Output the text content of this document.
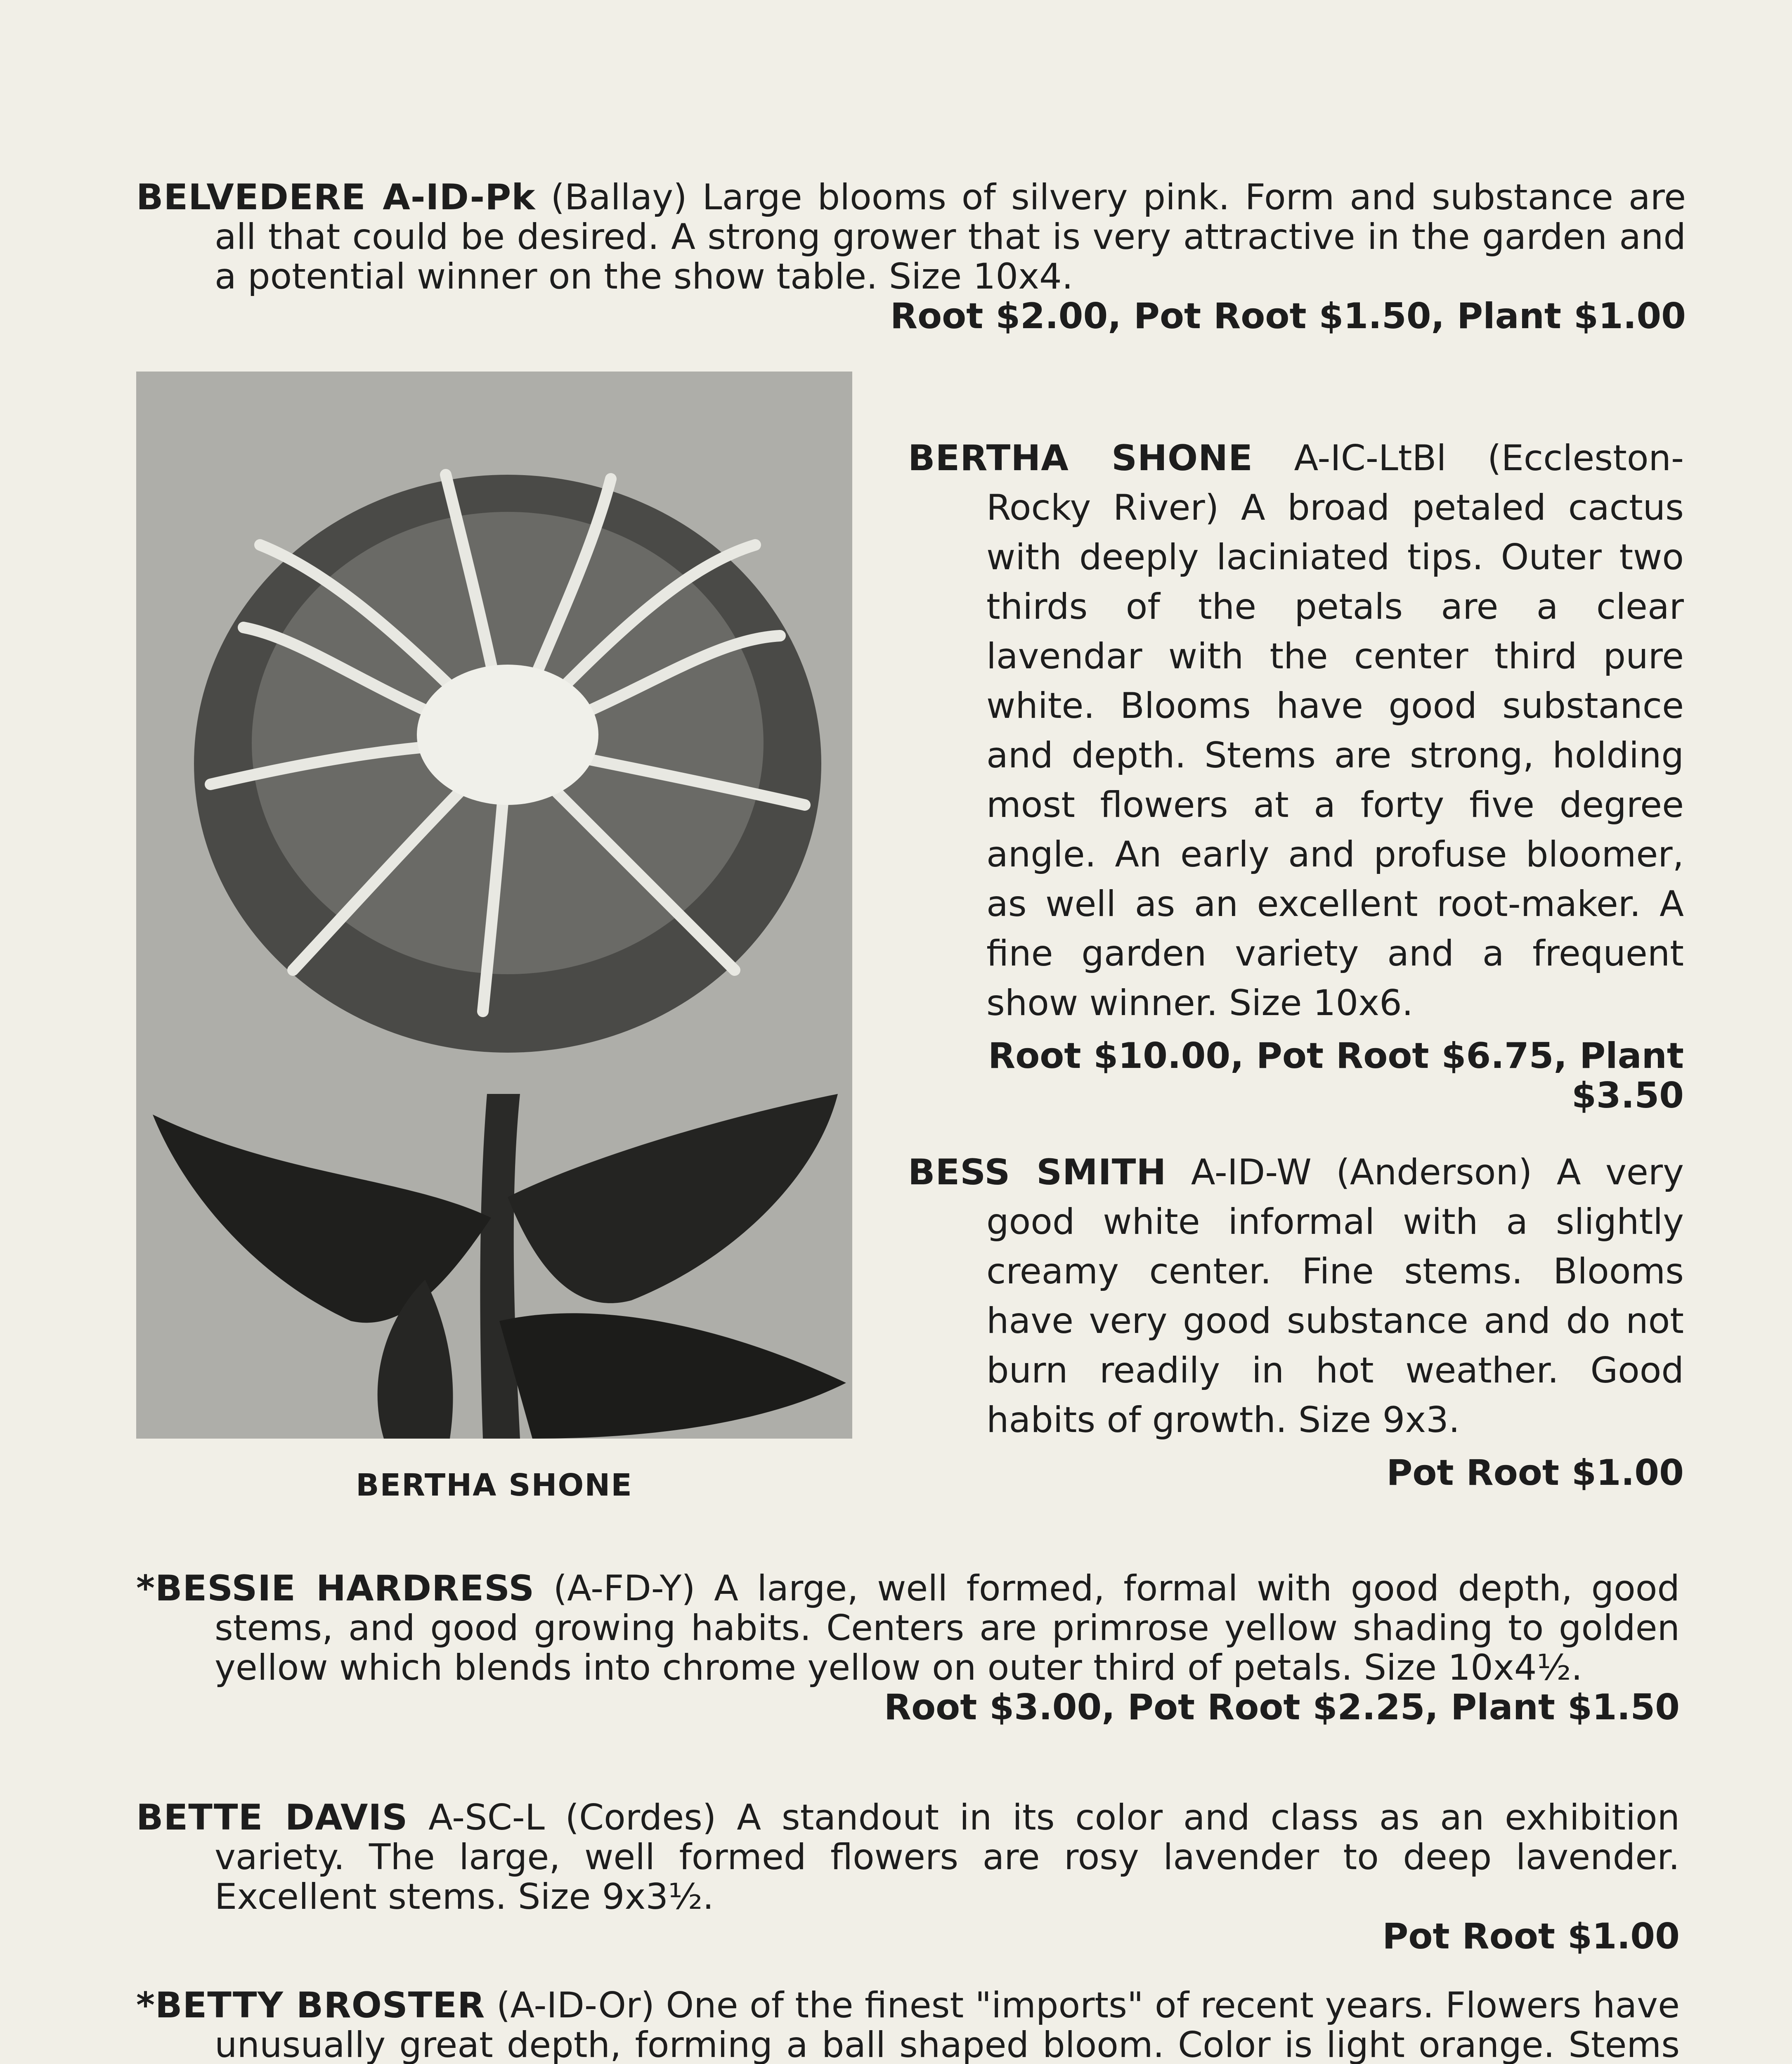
BELVEDERE A-ID-Pk (Ballay) Large blooms of silvery pink. Form and substance are all that could be desired. A strong grower that is very attractive in the garden and a potential winner on the show table. Size 10x4.

Root $2.00, Pot Root $1.50, Plant $1.00

BERTHA SHONE

BERTHA SHONE A-IC-LtBl (Eccleston-Rocky River) A broad petaled cactus with deeply laciniated tips. Outer two thirds of the petals are a clear lavendar with the center third pure white. Blooms have good substance and depth. Stems are strong, holding most flowers at a forty five degree angle. An early and profuse bloomer, as well as an excellent root-maker. A fine garden variety and a frequent show winner. Size 10x6.

Root $10.00, Pot Root $6.75, Plant $3.50

BESS SMITH A-ID-W (Anderson) A very good white informal with a slightly creamy center. Fine stems. Blooms have very good substance and do not burn readily in hot weather. Good habits of growth. Size 9x3.

Pot Root $1.00

*BESSIE HARDRESS (A-FD-Y) A large, well formed, formal with good depth, good stems, and good growing habits. Centers are primrose yellow shading to golden yellow which blends into chrome yellow on outer third of petals. Size 10x4½.

Root $3.00, Pot Root $2.25, Plant $1.50

BETTE DAVIS A-SC-L (Cordes) A standout in its color and class as an exhibition variety. The large, well formed flowers are rosy lavender to deep lavender. Excellent stems. Size 9x3½.

Pot Root $1.00

*BETTY BROSTER (A-ID-Or) One of the finest "imports" of recent years. Flowers have unusually great depth, forming a ball shaped bloom. Color is light orange. Stems
